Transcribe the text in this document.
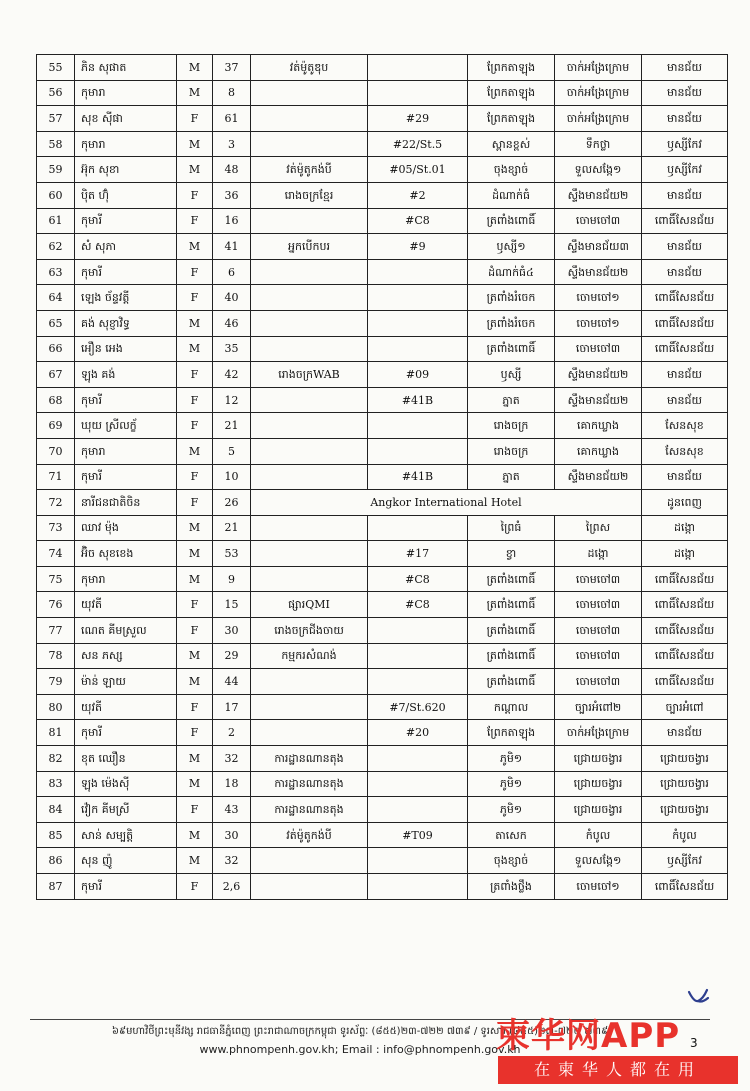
55	ភិន សុផាត	M	37	វត់ម៉ូតូឌុប		ព្រែកតាឡុង	ចាក់អង្រែក្រោម	មានជ័យ
56	កុមារា	M	8			ព្រែកតាឡុង	ចាក់អង្រែក្រោម	មានជ័យ
57	សុខ ស៊ីផា	F	61		#29	ព្រែកតាឡុង	ចាក់អង្រែក្រោម	មានជ័យ
58	កុមារា	M	3		#22/St.5	ស្ពានខ្ពស់	ទឹកថ្លា	ឫស្សីកែវ
59	អ៊ុក សុខា	M	48	វត់ម៉ូតូកង់បី	#05/St.01	ចុងខ្សាច់	ទួលសង្កែ១	ឫស្សីកែវ
60	ប៉ិត ហ៊ុំ	F	36	រោងចក្រខ្មែរ	#2	ដំណាក់ធំ	ស្ទឹងមានជ័យ២	មានជ័យ
61	កុមារី	F	16		#C8	ត្រពាំងពោធិ៍	ចោមចៅ៣	ពោធិ៍សែនជ័យ
62	សំ សុភា	M	41	អ្នកបើកបរ	#9	ឫស្សី១	ស្ទឹងមានជ័យ៣	មានជ័យ
63	កុមារី	F	6			ដំណាក់ធំ៤	ស្ទឹងមានជ័យ២	មានជ័យ
64	ឡេង ច័ន្ទវត្តី	F	40			ត្រពាំងរំចេក	ចោមចៅ១	ពោធិ៍សែនជ័យ
65	គង់ សុខ្ញាវិទ្ធ	M	46			ត្រពាំងរំចេក	ចោមចៅ១	ពោធិ៍សែនជ័យ
66	អឿន អេង	M	35			ត្រពាំងពោធិ៍	ចោមចៅ៣	ពោធិ៍សែនជ័យ
67	ឡុង គង់	F	42	រោងចក្រWAB	#09	ឫស្សី	ស្ទឹងមានជ័យ២	មានជ័យ
68	កុមារី	F	12		#41B	ភ្នាត	ស្ទឹងមានជ័យ២	មានជ័យ
69	ឃុយ ស្រីលក្ខ័	F	21			រោងចក្រ	គោកឃ្លាង	សែនសុខ
70	កុមារា	M	5			រោងចក្រ	គោកឃ្លាង	សែនសុខ
71	កុមារី	F	10		#41B	ភ្នាត	ស្ទឹងមានជ័យ២	មានជ័យ
72	នារីជនជាតិចិន	F	26	Angkor International Hotel				ដូនពេញ
73	ឈាវ ម៉ុង	M	21			ព្រៃធំ	ព្រៃស	ដង្កោ
74	អ៊ិច សុខខេង	M	53		#17	ខ្វា	ដង្កោ	ដង្កោ
75	កុមារា	M	9		#C8	ត្រពាំងពោធិ៍	ចោមចៅ៣	ពោធិ៍សែនជ័យ
76	យុវតី	F	15	ផ្សារQMI	#C8	ត្រពាំងពោធិ៍	ចោមចៅ៣	ពោធិ៍សែនជ័យ
77	ណេត គីមស្រួល	F	30	រោងចក្រជីងចាយ		ត្រពាំងពោធិ៍	ចោមចៅ៣	ពោធិ៍សែនជ័យ
78	សន ភស្ស	M	29	កម្មករសំណង់		ត្រពាំងពោធិ៍	ចោមចៅ៣	ពោធិ៍សែនជ័យ
79	ម៉ាន់ ឡាយ	M	44			ត្រពាំងពោធិ៍	ចោមចៅ៣	ពោធិ៍សែនជ័យ
80	យុវតី	F	17		#7/St.620	កណ្ដាល	ច្បារអំពៅ២	ច្បារអំពៅ
81	កុមារី	F	2		#20	ព្រែកតាឡុង	ចាក់អង្រែក្រោម	មានជ័យ
82	ខុត ឈឿន	M	32	ការដ្ឋានណានតុង		ភូមិ១	ជ្រោយចង្វារ	ជ្រោយចង្វារ
83	ឡុង ម៉េងស៊ី	M	18	ការដ្ឋានណានតុង		ភូមិ១	ជ្រោយចង្វារ	ជ្រោយចង្វារ
84	វ៉ៀក គីមស្រី	F	43	ការដ្ឋានណានតុង		ភូមិ១	ជ្រោយចង្វារ	ជ្រោយចង្វារ
85	សាន់ សម្បត្តិ	M	30	វត់ម៉ូតូកង់បី	#T09	តាសេក	កំបូល	កំបូល
86	សុន ញ៉ូ	M	32			ចុងខ្សាច់	ទួលសង្កែ១	ឫស្សីកែវ
87	កុមារី	F	2,6			ត្រពាំងថ្លឹង	ចោមចៅ១	ពោធិ៍សែនជ័យ
៦៩មហាវិថីព្រះមុនីវង្ស រាជធានីភ្នំពេញ ព្រះរាជាណាចក្រកម្ពុជា ទូរស័ព្ទៈ (៨៥៥)២៣-៧២២ ៧៣៩ / ទូរសារ (៨៥៥)២៣-៧២២ ៧៣៩
www.phnompenh.gov.kh; Email : info@phnompenh.gov.kh	3
柬华网APP
在柬华人都在用
